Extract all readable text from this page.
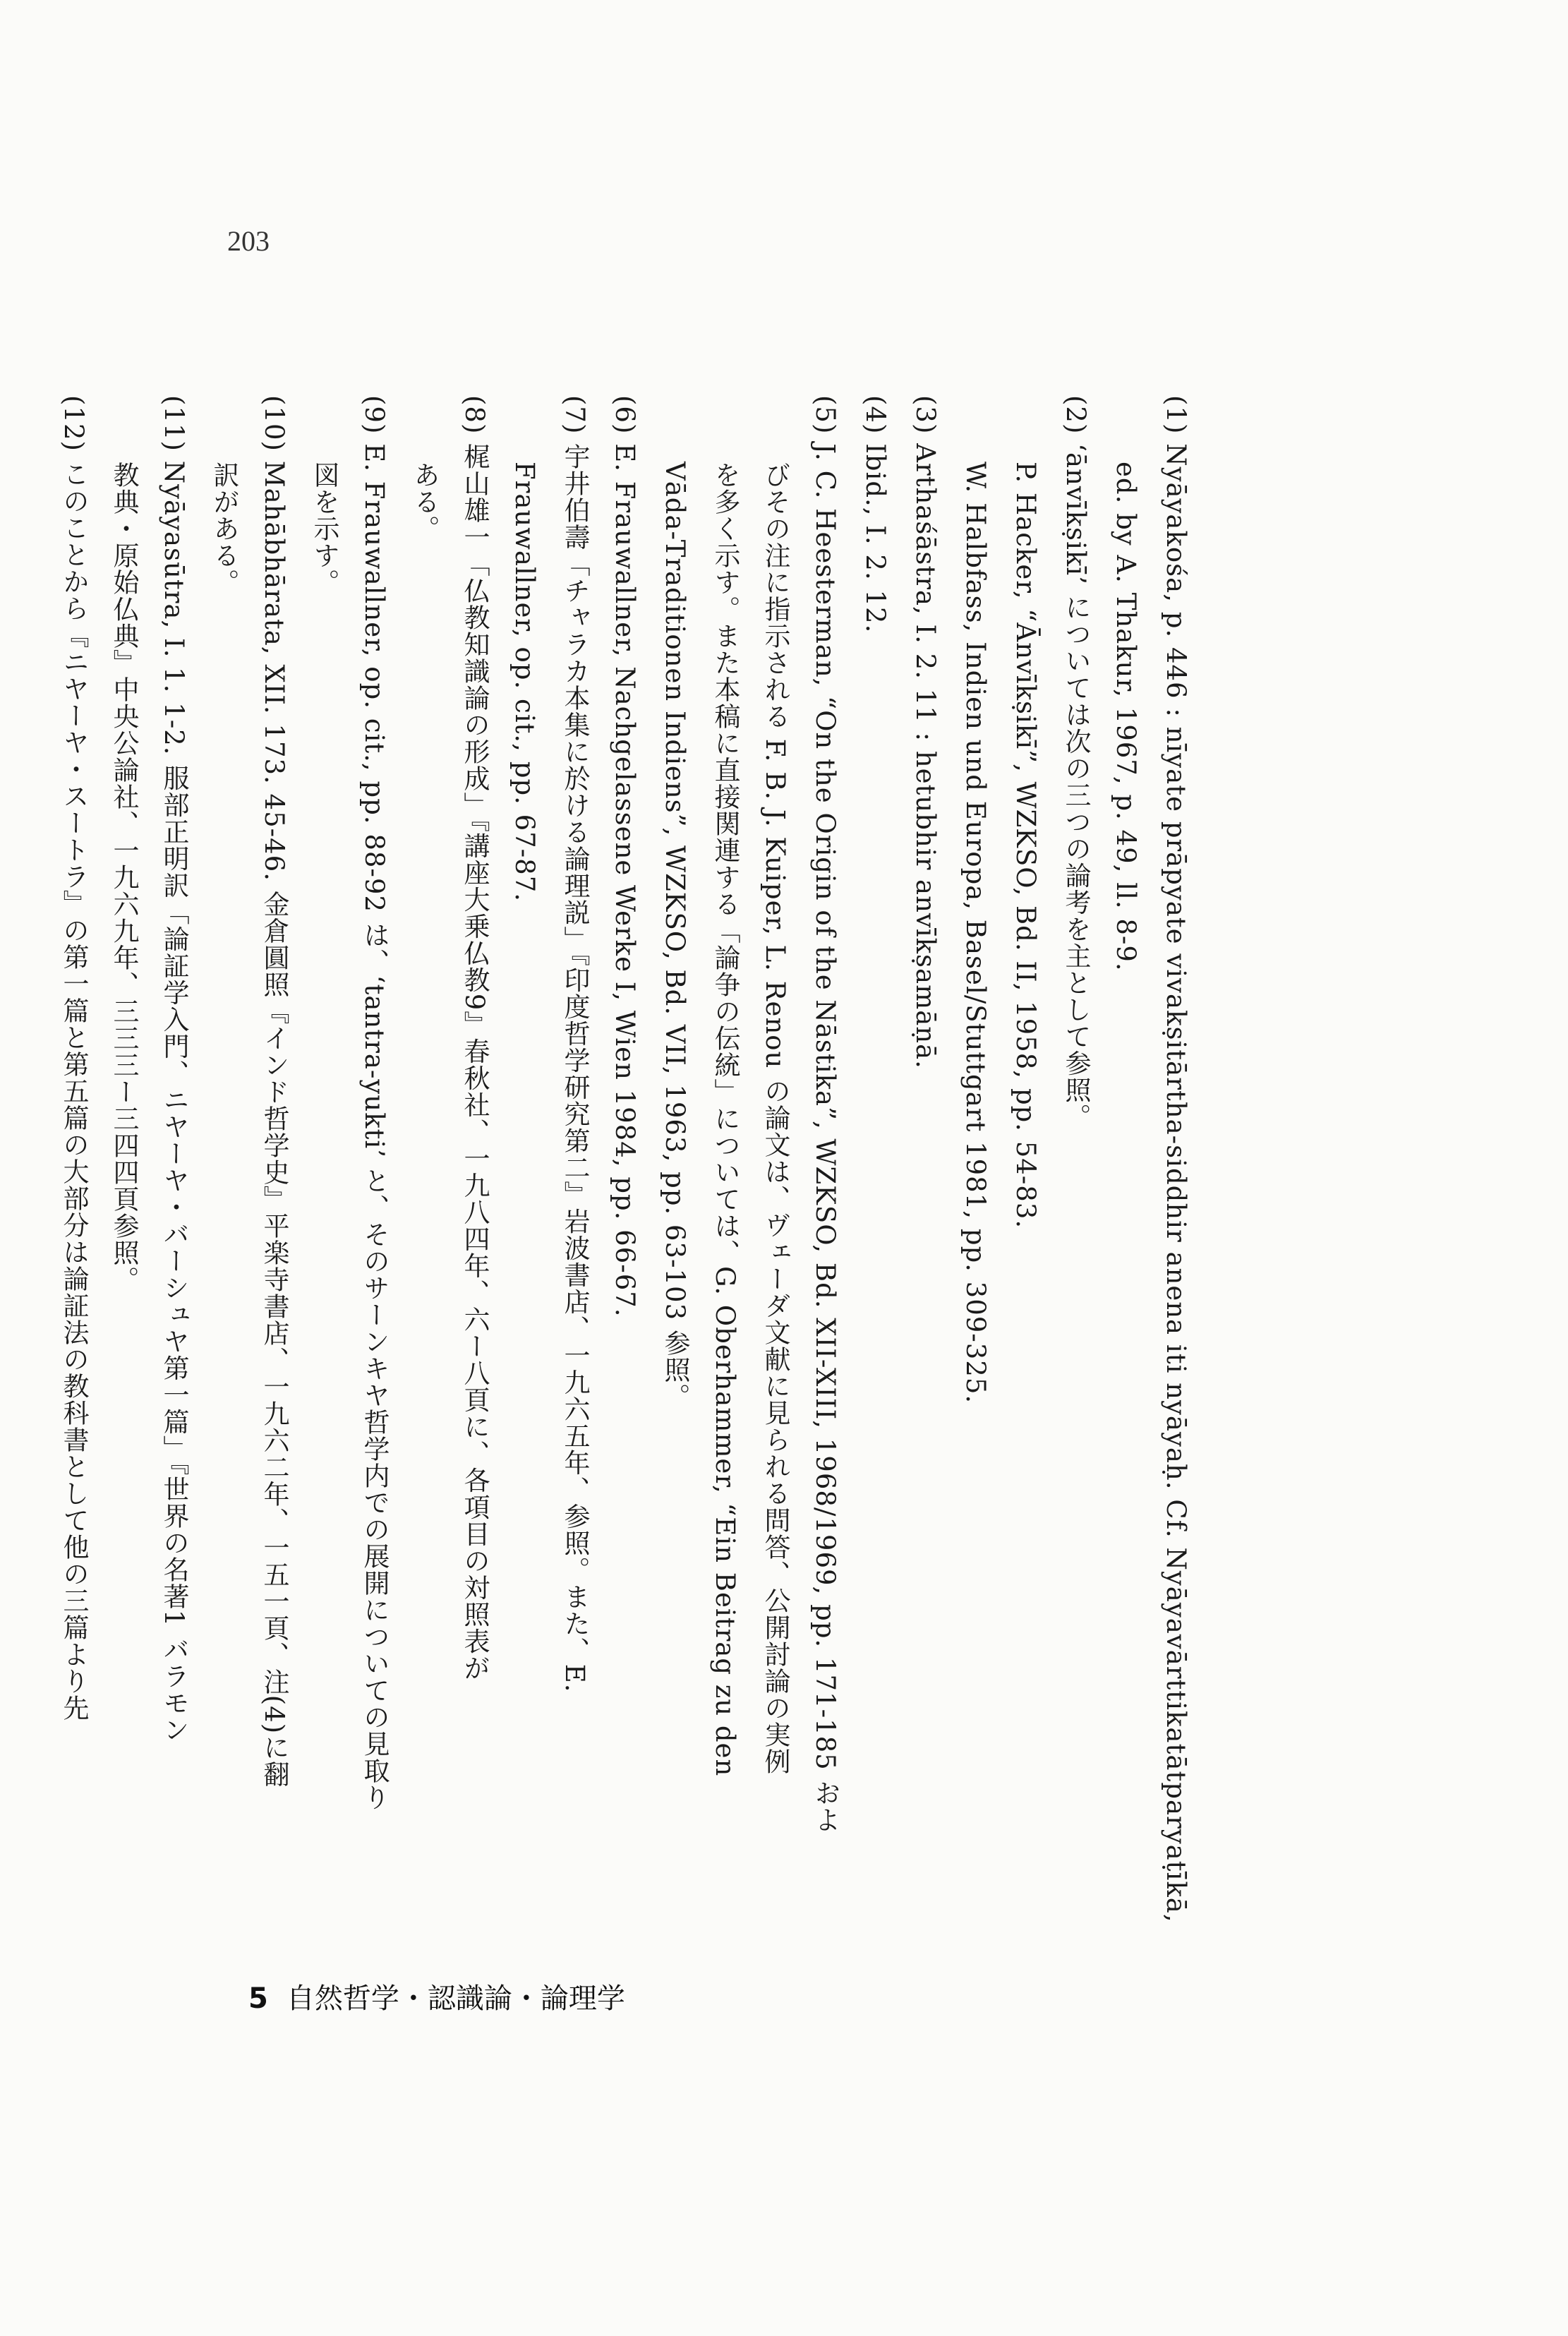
203
(1) Nyāyakośa, p. 446 : nīyate prāpyate vivakṣitārtha-siddhir anena iti nyāyaḥ. Cf. Nyāyavārttikatātparyaṭīkā,
ed. by A. Thakur, 1967, p. 49, ll. 8-9.
(2) ‘ānvīkṣikī’ については次の三つの論考を主として参照。
P. Hacker, “Ānvīkṣikī”, WZKSO, Bd. II, 1958, pp. 54-83.
W. Halbfass, Indien und Europa, Basel/Stuttgart 1981, pp. 309-325.
(3) Arthaśāstra, I. 2. 11 : hetubhir anvīkṣamāṇā.
(4) Ibid., I. 2. 12.
(5) J. C. Heesterman, “On the Origin of the Nāstika”, WZKSO, Bd. XII-XIII, 1968/1969, pp. 171-185 およ
びその注に指示される F. B. J. Kuiper, L. Renou の論文は、ヴェーダ文献に見られる問答、公開討論の実例
を多く示す。また本稿に直接関連する「論争の伝統」については、G. Oberhammer, “Ein Beitrag zu den
Vāda-Traditionen Indiens”, WZKSO, Bd. VII, 1963, pp. 63-103 参照。
(6) E. Frauwallner, Nachgelassene Werke I, Wien 1984, pp. 66-67.
(7) 宇井伯壽「チャラカ本集に於ける論理説」『印度哲学研究第二』岩波書店、一九六五年、参照。また、E.
Frauwallner, op. cit., pp. 67-87.
(8) 梶山雄一「仏教知識論の形成」『講座大乗仏教9』春秋社、一九八四年、六ー八頁に、各項目の対照表が
ある。
(9) E. Frauwallner, op. cit., pp. 88-92 は、‘tantra-yukti’ と、そのサーンキヤ哲学内での展開についての見取り
図を示す。
(10) Mahābhārata, XII. 173. 45-46. 金倉圓照『インド哲学史』平楽寺書店、一九六二年、一五一頁、注(4)に翻
訳がある。
(11) Nyāyasūtra, I. 1. 1-2. 服部正明訳「論証学入門、ニヤーヤ・バーシュヤ第一篇」『世界の名著1 バラモン
教典・原始仏典』中央公論社、一九六九年、三三三ー三四四頁参照。
(12) このことから『ニヤーヤ・スートラ』の第一篇と第五篇の大部分は論証法の教科書として他の三篇より先
5 自然哲学・認識論・論理学
